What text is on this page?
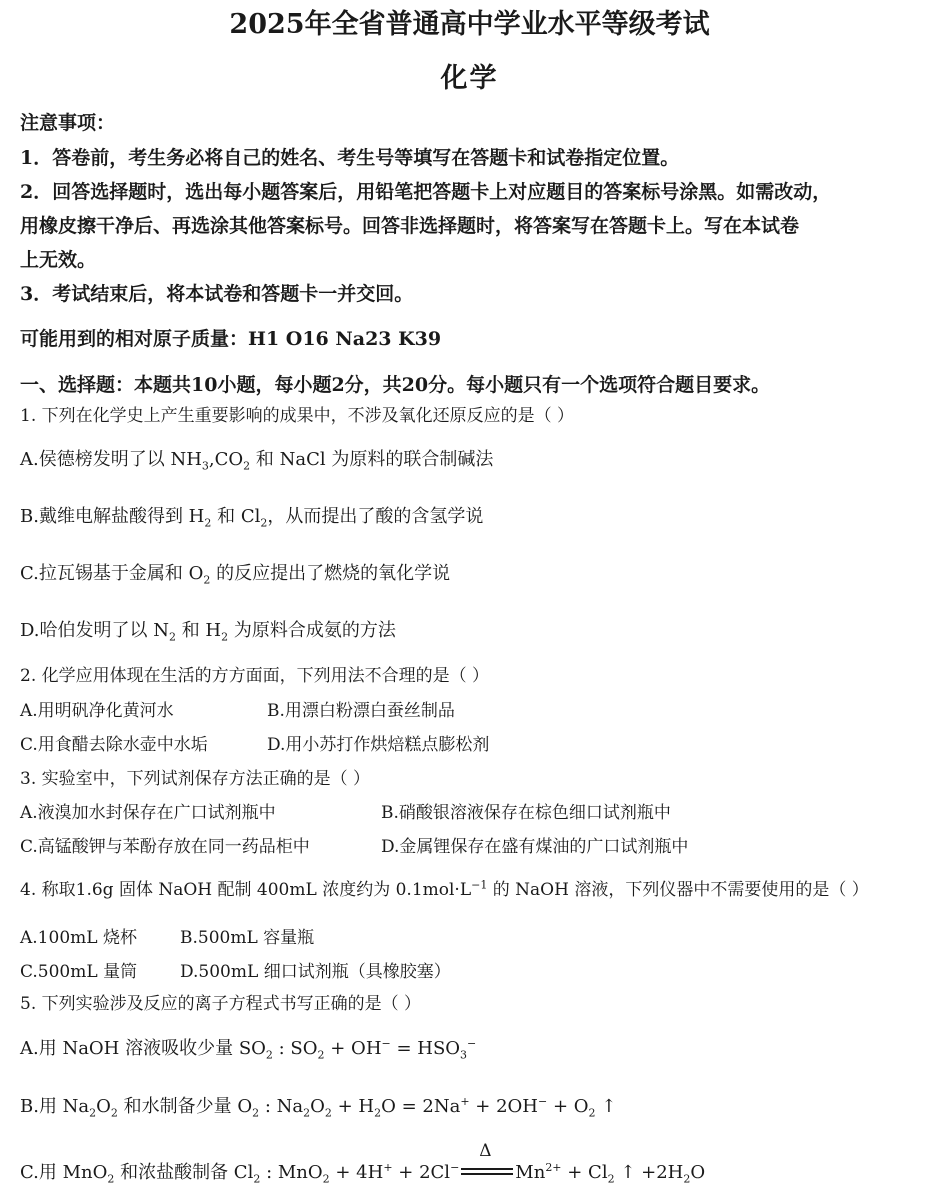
2025年全省普通高中学业水平等级考试
化学
注意事项：
1．答卷前，考生务必将自己的姓名、考生号等填写在答题卡和试卷指定位置。
2．回答选择题时，选出每小题答案后，用铅笔把答题卡上对应题目的答案标号涂黑。如需改动，
用橡皮擦干净后、再选涂其他答案标号。回答非选择题时，将答案写在答题卡上。写在本试卷
上无效。
3．考试结束后，将本试卷和答题卡一并交回。
可能用到的相对原子质量：H1 O16 Na23 K39
一、选择题：本题共10小题，每小题2分，共20分。每小题只有一个选项符合题目要求。
1. 下列在化学史上产生重要影响的成果中，不涉及氧化还原反应的是（ ）
A.侯德榜发明了以 $NH_3,CO_2$ 和 NaCl 为原料的联合制碱法
B.戴维电解盐酸得到 $H_2$ 和 $Cl_2$，从而提出了酸的含氢学说
C.拉瓦锡基于金属和 $O_2$ 的反应提出了燃烧的氧化学说
D.哈伯发明了以 $N_2$ 和 $H_2$ 为原料合成氨的方法
2. 化学应用体现在生活的方方面面，下列用法不合理的是（ ）
A.用明矾净化黄河水	B.用漂白粉漂白蚕丝制品
C.用食醋去除水壶中水垢	D.用小苏打作烘焙糕点膨松剂
3. 实验室中，下列试剂保存方法正确的是（ ）
A.液溴加水封保存在广口试剂瓶中	B.硝酸银溶液保存在棕色细口试剂瓶中
C.高锰酸钾与苯酚存放在同一药品柜中	D.金属锂保存在盛有煤油的广口试剂瓶中
4. 称取1.6g 固体 NaOH 配制 400mL 浓度约为 $0.1mol\cdot L^{-1}$ 的 NaOH 溶液，下列仪器中不需要使用的是（ ）
A.100mL 烧杯	B.500mL 容量瓶
C.500mL 量筒	D.500mL 细口试剂瓶（具橡胶塞）
5. 下列实验涉及反应的离子方程式书写正确的是（ ）
A.用 NaOH 溶液吸收少量 $SO_2$ : $SO_2 + OH^- = HSO_3^-$
B.用 $Na_2O_2$ 和水制备少量 $O_2$ : $Na_2O_2 + H_2O = 2Na^+ + 2OH^- + O_2$ ↑
C.用 MnO$_2$ 和浓盐酸制备 $Cl_2$ : MnO$_2$ + 4H+ + 2Cl−
Δ
$Mn^{2+} + Cl_2$ ↑ $+2H_2O$
